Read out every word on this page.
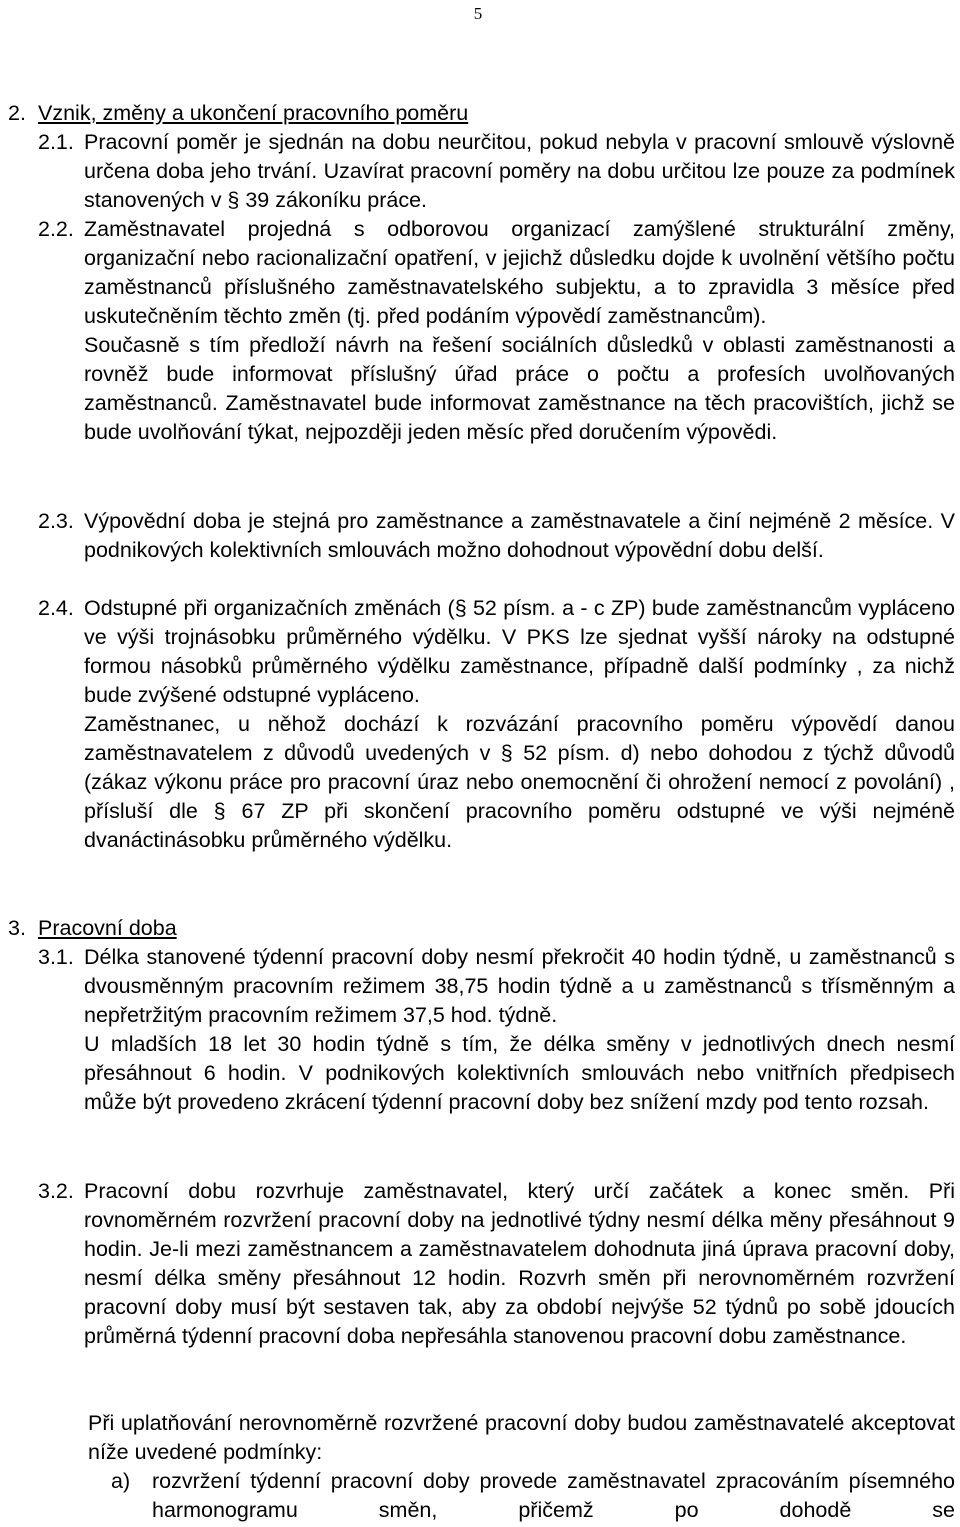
5
2. Vznik, změny a ukončení pracovního poměru
2.1. Pracovní poměr je sjednán na dobu neurčitou, pokud nebyla v pracovní smlouvě výslovně určena doba jeho trvání. Uzavírat pracovní poměry na dobu určitou lze pouze za podmínek stanovených v § 39 zákoníku práce.
2.2. Zaměstnavatel projedná s odborovou organizací zamýšlené strukturální změny, organizační nebo racionalizační opatření, v jejichž důsledku dojde k uvolnění většího počtu zaměstnanců příslušného zaměstnavatelského subjektu, a to zpravidla 3 měsíce před uskutečněním těchto změn (tj. před podáním výpovědí zaměstnancům).
Současně s tím předloží návrh na řešení sociálních důsledků v oblasti zaměstnanosti a rovněž bude informovat příslušný úřad práce o počtu a profesích uvolňovaných zaměstnanců. Zaměstnavatel bude informovat zaměstnance na těch pracovištích, jichž se bude uvolňování týkat, nejpozději jeden měsíc před doručením výpovědi.
2.3. Výpovědní doba je stejná pro zaměstnance a zaměstnavatele a činí nejméně 2 měsíce. V podnikových kolektivních smlouvách možno dohodnout výpovědní dobu delší.
2.4. Odstupné při organizačních změnách (§ 52 písm. a - c ZP) bude zaměstnancům vypláceno ve výši trojnásobku průměrného výdělku. V PKS lze sjednat vyšší nároky na odstupné formou násobků průměrného výdělku zaměstnance, případně další podmínky , za nichž bude zvýšené odstupné vypláceno.
Zaměstnanec, u něhož dochází k rozvázání pracovního poměru výpovědí danou zaměstnavatelem z důvodů uvedených v § 52 písm. d) nebo dohodou z týchž důvodů (zákaz výkonu práce pro pracovní úraz nebo onemocnění či ohrožení nemocí z povolání) , přísluší dle § 67 ZP při skončení pracovního poměru odstupné ve výši nejméně dvanáctinásobku průměrného výdělku.
3. Pracovní doba
3.1. Délka stanovené týdenní pracovní doby nesmí překročit 40 hodin týdně, u zaměstnanců s dvousměnným pracovním režimem 38,75 hodin týdně a u zaměstnanců s třísměnným a nepřetržitým pracovním režimem 37,5 hod. týdně.
U mladších 18 let 30 hodin týdně s tím, že délka směny v jednotlivých dnech nesmí přesáhnout 6 hodin. V podnikových kolektivních smlouvách nebo vnitřních předpisech může být provedeno zkrácení týdenní pracovní doby bez snížení mzdy pod tento rozsah.
3.2. Pracovní dobu rozvrhuje zaměstnavatel, který určí začátek a konec směn. Při rovnoměrném rozvržení pracovní doby na jednotlivé týdny nesmí délka měny přesáhnout 9 hodin. Je-li mezi zaměstnancem a zaměstnavatelem dohodnuta jiná úprava pracovní doby, nesmí délka směny přesáhnout 12 hodin. Rozvrh směn při nerovnoměrném rozvržení pracovní doby musí být sestaven tak, aby za období nejvýše 52 týdnů po sobě jdoucích průměrná týdenní pracovní doba nepřesáhla stanovenou pracovní dobu zaměstnance.
Při uplatňování nerovnoměrně rozvržené pracovní doby budou zaměstnavatelé akceptovat níže uvedené podmínky:
a)	rozvržení týdenní pracovní doby provede zaměstnavatel zpracováním písemného harmonogramu směn, přičemž po dohodě se
